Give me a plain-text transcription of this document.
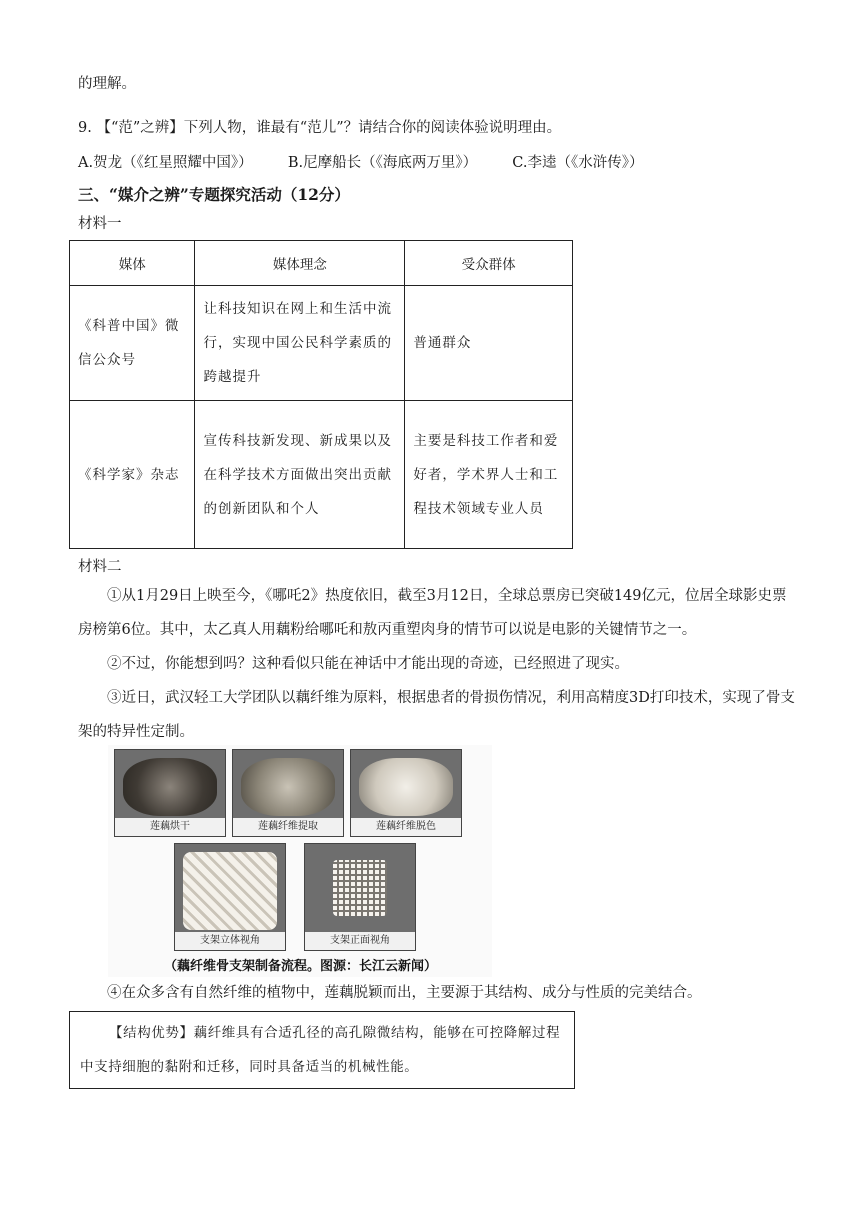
的理解。
9. 【“范”之辨】下列人物，谁最有“范儿”？请结合你的阅读体验说明理由。
A.贺龙（《红星照耀中国》） B.尼摩船长（《海底两万里》） C.李逵（《水浒传》）
三、“媒介之辨”专题探究活动（12分）
材料一
媒体	媒体理念	受众群体

《科普中国》微信公众号	让科技知识在网上和生活中流行，实现中国公民科学素质的跨越提升	普通群众

《科学家》杂志	宣传科技新发现、新成果以及在科学技术方面做出突出贡献的创新团队和个人	主要是科技工作者和爱好者，学术界人士和工程技术领域专业人员
材料二
①从1月29日上映至今，《哪吒2》热度依旧，截至3月12日，全球总票房已突破149亿元，位居全球影史票房榜第6位。其中，太乙真人用藕粉给哪吒和敖丙重塑肉身的情节可以说是电影的关键情节之一。
②不过，你能想到吗？这种看似只能在神话中才能出现的奇迹，已经照进了现实。
③近日，武汉轻工大学团队以藕纤维为原料，根据患者的骨损伤情况，利用高精度3D打印技术，实现了骨支架的特异性定制。
莲藕烘干	莲藕纤维提取	莲藕纤维脱色
支架立体视角	支架正面视角
（藕纤维骨支架制备流程。图源：长江云新闻）
④在众多含有自然纤维的植物中，莲藕脱颖而出，主要源于其结构、成分与性质的完美结合。
【结构优势】藕纤维具有合适孔径的高孔隙微结构，能够在可控降解过程中支持细胞的黏附和迁移，同时具备适当的机械性能。
